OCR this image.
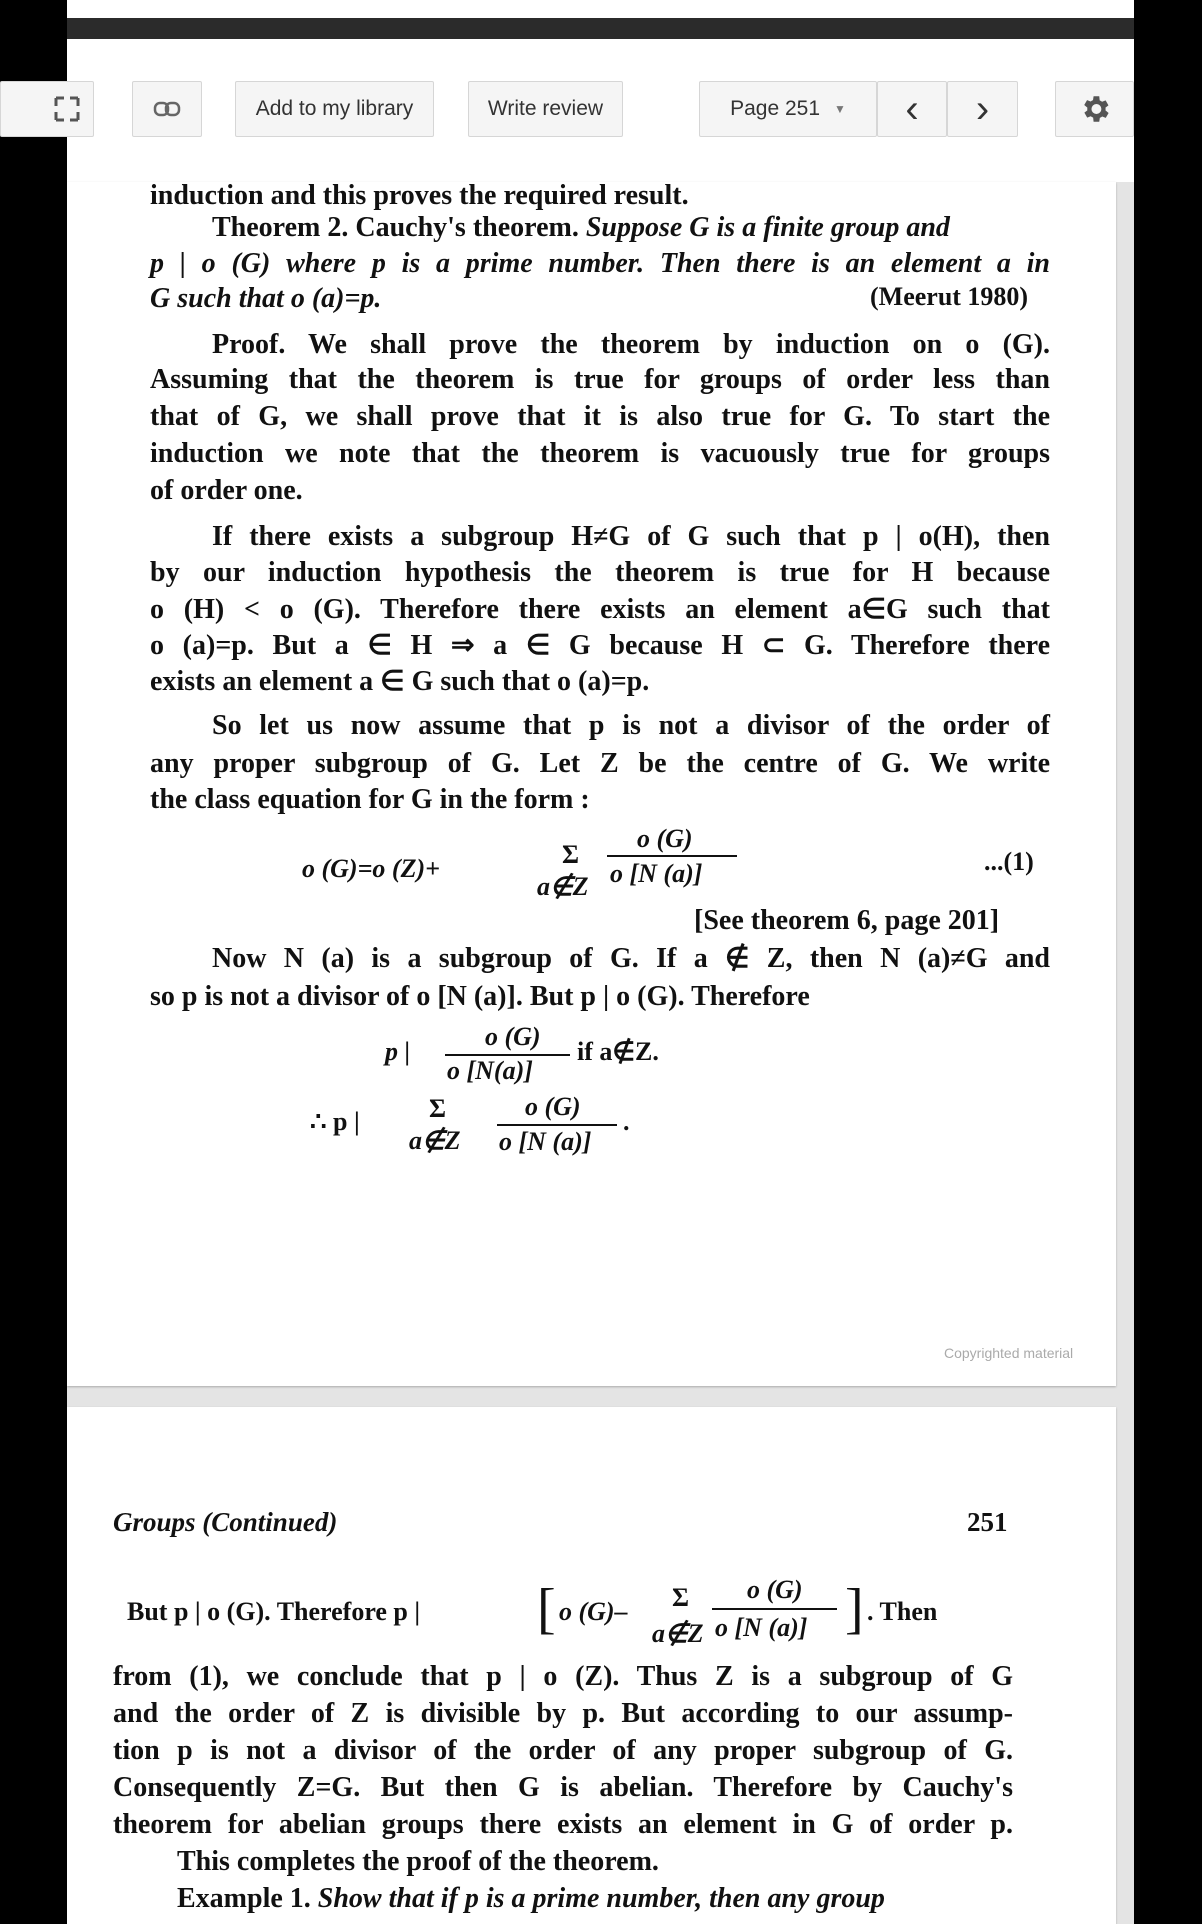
Add to my library	Write review	Page 251 ▼ ‹ ›
induction and this proves the required result.
Theorem 2. Cauchy's theorem. Suppose G is a finite group and
p | o (G) where p is a prime number. Then there is an element a in
G such that o (a)=p.
Proof. We shall prove the theorem by induction on o (G).
Assuming that the theorem is true for groups of order less than
that of G, we shall prove that it is also true for G. To start the
induction we note that the theorem is vacuously true for groups
of order one.
If there exists a subgroup H≠G of G such that p | o(H), then
by our induction hypothesis the theorem is true for H because
o (H) < o (G). Therefore there exists an element a∈G such that
o (a)=p. But a ∈ H ⇒ a ∈ G because H ⊂ G. Therefore there
exists an element a ∈ G such that o (a)=p.
So let us now assume that p is not a divisor of the order of
any proper subgroup of G. Let Z be the centre of G. We write
the class equation for G in the form :
[See theorem 6, page 201]
Now N (a) is a subgroup of G. If a ∉ Z, then N (a)≠G and
so p is not a divisor of o [N (a)]. But p | o (G). Therefore
(Meerut 1980)
o (G)=o (Z)+	Σ
a∉Z
o (G)
o [N (a)]	...(1)
p |
o (G)
o [N(a)]
if a∉Z.
∴ p |	Σ
a∉Z
o (G)
o [N (a)]
.
Copyrighted material
Groups (Continued)	251
But p | o (G). Therefore p | [ o (G)– Σ
a∉Z
o (G)
o [N (a)] ] . Then
from (1), we conclude that p | o (Z). Thus Z is a subgroup of G
and the order of Z is divisible by p. But according to our assump-
tion p is not a divisor of the order of any proper subgroup of G.
Consequently Z=G. But then G is abelian. Therefore by Cauchy's
theorem for abelian groups there exists an element in G of order p.
This completes the proof of the theorem.
Example 1. Show that if p is a prime number, then any group
